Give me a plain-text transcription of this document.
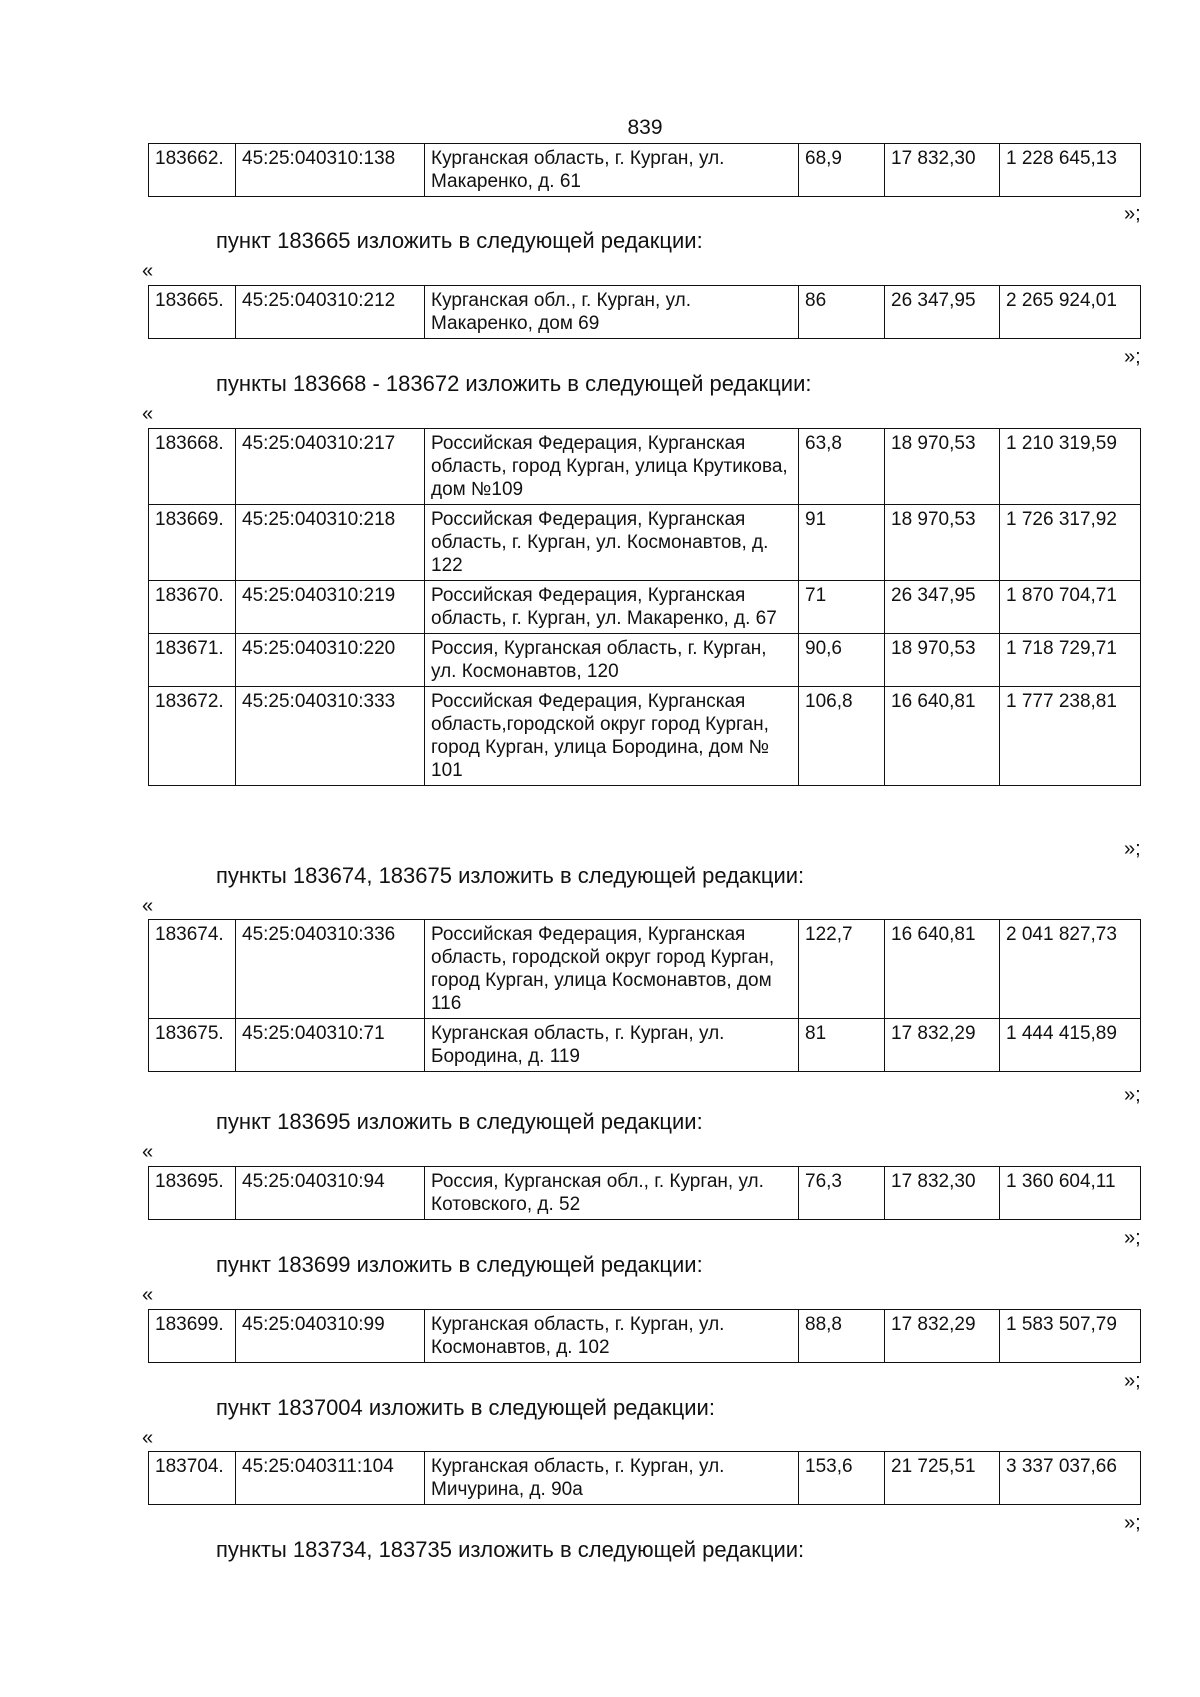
839
183662.	45:25:040310:138	Курганская область, г. Курган, ул. Макаренко, д. 61	68,9	17 832,30	1 228 645,13
»;
пункт 183665 изложить в следующей редакции:
«
183665.	45:25:040310:212	Курганская обл., г. Курган, ул. Макаренко, дом 69	86	26 347,95	2 265 924,01
»;
пункты 183668 - 183672 изложить в следующей редакции:
«
183668.	45:25:040310:217	Российская Федерация, Курганская область, город Курган, улица Крутикова, дом №109	63,8	18 970,53	1 210 319,59
183669.	45:25:040310:218	Российская Федерация, Курганская область, г. Курган, ул. Космонавтов, д. 122	91	18 970,53	1 726 317,92
183670.	45:25:040310:219	Российская Федерация, Курганская область, г. Курган, ул. Макаренко, д. 67	71	26 347,95	1 870 704,71
183671.	45:25:040310:220	Россия, Курганская область, г. Курган, ул. Космонавтов, 120	90,6	18 970,53	1 718 729,71
183672.	45:25:040310:333	Российская Федерация, Курганская область,городской округ город Курган, город Курган, улица Бородина, дом № 101	106,8	16 640,81	1 777 238,81
»;
пункты 183674, 183675 изложить в следующей редакции:
«
183674.	45:25:040310:336	Российская Федерация, Курганская область, городской округ город Курган, город Курган, улица Космонавтов, дом 116	122,7	16 640,81	2 041 827,73
183675.	45:25:040310:71	Курганская область, г. Курган, ул. Бородина, д. 119	81	17 832,29	1 444 415,89
»;
пункт 183695 изложить в следующей редакции:
«
183695.	45:25:040310:94	Россия, Курганская обл., г. Курган, ул. Котовского, д. 52	76,3	17 832,30	1 360 604,11
»;
пункт 183699 изложить в следующей редакции:
«
183699.	45:25:040310:99	Курганская область, г. Курган, ул. Космонавтов, д. 102	88,8	17 832,29	1 583 507,79
»;
пункт 1837004 изложить в следующей редакции:
«
183704.	45:25:040311:104	Курганская область, г. Курган, ул. Мичурина, д. 90а	153,6	21 725,51	3 337 037,66
»;
пункты 183734, 183735 изложить в следующей редакции:
